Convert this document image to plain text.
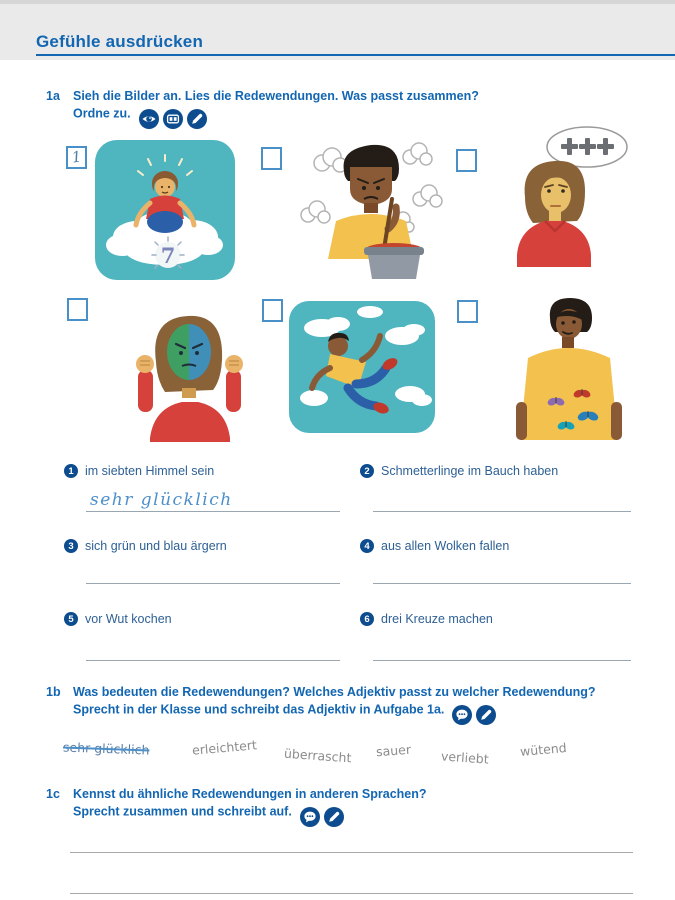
Gefühle ausdrücken
1a	Sieh die Bilder an. Lies die Redewendungen. Was passt zusammen?
Ordne zu.
1
7
1 im siebten Himmel sein	2 Schmetterlinge im Bauch haben
3 sich grün und blau ärgern	4 aus allen Wolken fallen
5 vor Wut kochen	6 drei Kreuze machen
sehr glücklich
1b Was bedeuten die Redewendungen? Welches Adjektiv passt zu welcher Redewendung?
Sprecht in der Klasse und schreibt das Adjektiv in Aufgabe 1a.
sehr glücklich	erleichtert überrascht sauer verliebt wütend
1c	Kennst du ähnliche Redewendungen in anderen Sprachen?
Sprecht zusammen und schreibt auf.
